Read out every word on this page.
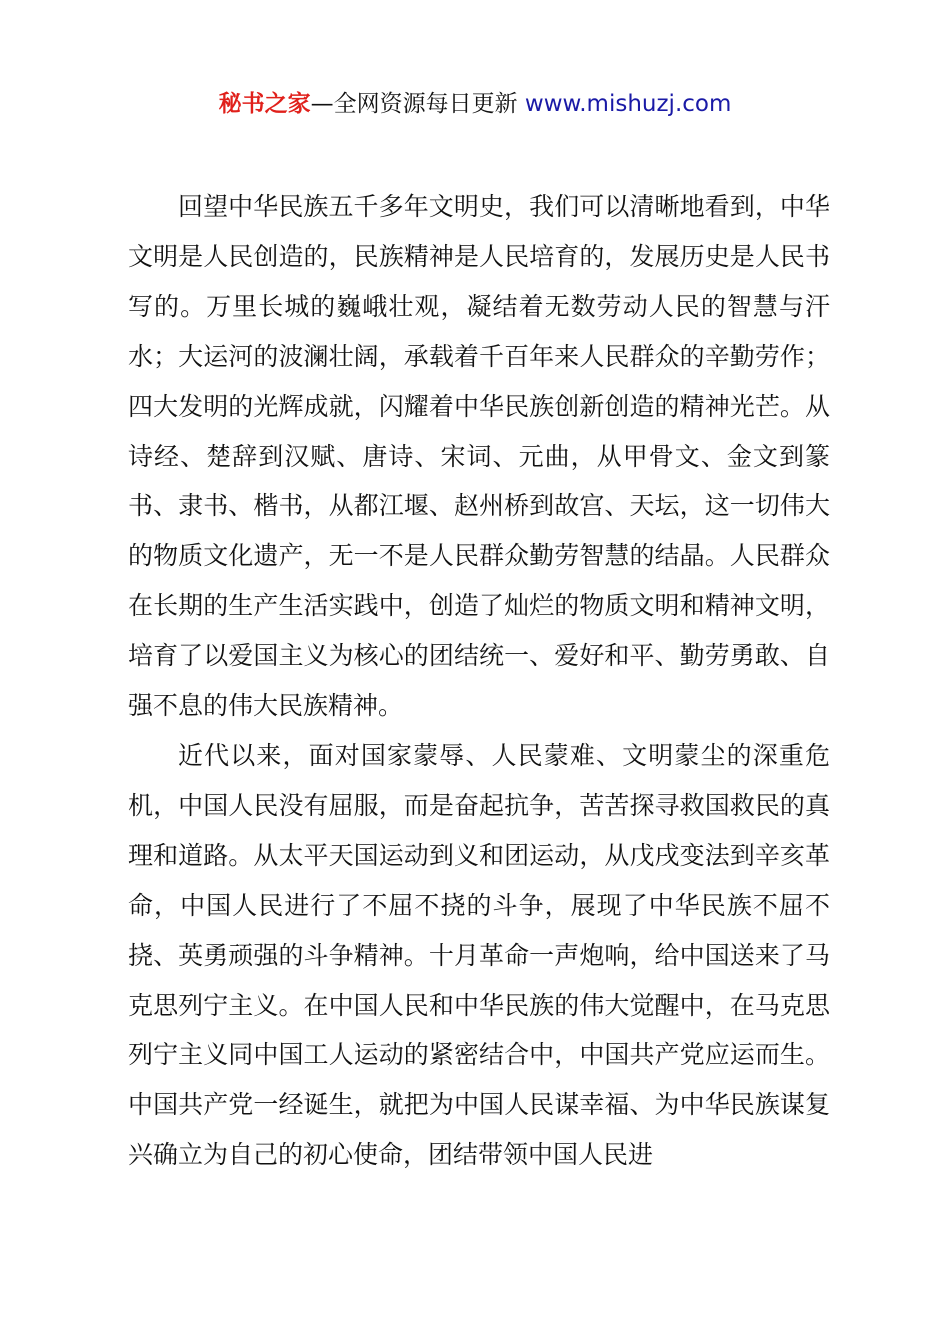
秘书之家—全网资源每日更新 www.mishuzj.com

回望中华民族五千多年文明史，我们可以清晰地看到，中华文明是人民创造的，民族精神是人民培育的，发展历史是人民书写的。万里长城的巍峨壮观，凝结着无数劳动人民的智慧与汗水；大运河的波澜壮阔，承载着千百年来人民群众的辛勤劳作；四大发明的光辉成就，闪耀着中华民族创新创造的精神光芒。从诗经、楚辞到汉赋、唐诗、宋词、元曲，从甲骨文、金文到篆书、隶书、楷书，从都江堰、赵州桥到故宫、天坛，这一切伟大的物质文化遗产，无一不是人民群众勤劳智慧的结晶。人民群众在长期的生产生活实践中，创造了灿烂的物质文明和精神文明，培育了以爱国主义为核心的团结统一、爱好和平、勤劳勇敢、自强不息的伟大民族精神。

近代以来，面对国家蒙辱、人民蒙难、文明蒙尘的深重危机，中国人民没有屈服，而是奋起抗争，苦苦探寻救国救民的真理和道路。从太平天国运动到义和团运动，从戊戌变法到辛亥革命，中国人民进行了不屈不挠的斗争，展现了中华民族不屈不挠、英勇顽强的斗争精神。十月革命一声炮响，给中国送来了马克思列宁主义。在中国人民和中华民族的伟大觉醒中，在马克思列宁主义同中国工人运动的紧密结合中，中国共产党应运而生。中国共产党一经诞生，就把为中国人民谋幸福、为中华民族谋复兴确立为自己的初心使命，团结带领中国人民进
